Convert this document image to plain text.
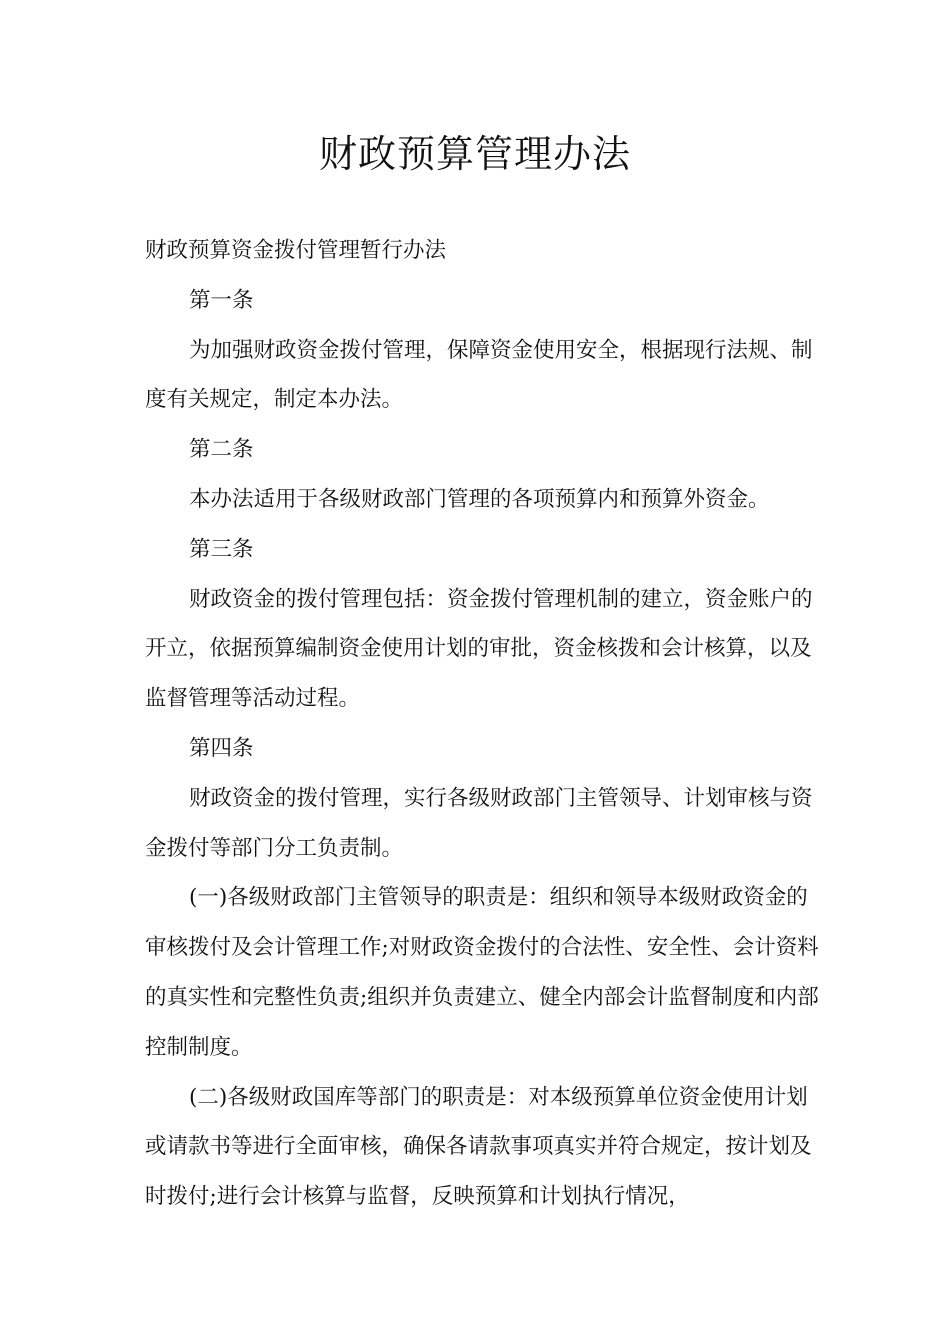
财政预算管理办法

财政预算资金拨付管理暂行办法

第一条

为加强财政资金拨付管理，保障资金使用安全，根据现行法规、制度有关规定，制定本办法。

第二条

本办法适用于各级财政部门管理的各项预算内和预算外资金。

第三条

财政资金的拨付管理包括：资金拨付管理机制的建立，资金账户的开立，依据预算编制资金使用计划的审批，资金核拨和会计核算，以及监督管理等活动过程。

第四条

财政资金的拨付管理，实行各级财政部门主管领导、计划审核与资金拨付等部门分工负责制。

(一)各级财政部门主管领导的职责是：组织和领导本级财政资金的审核拨付及会计管理工作;对财政资金拨付的合法性、安全性、会计资料的真实性和完整性负责;组织并负责建立、健全内部会计监督制度和内部控制制度。

(二)各级财政国库等部门的职责是：对本级预算单位资金使用计划或请款书等进行全面审核，确保各请款事项真实并符合规定，按计划及时拨付;进行会计核算与监督，反映预算和计划执行情况，
